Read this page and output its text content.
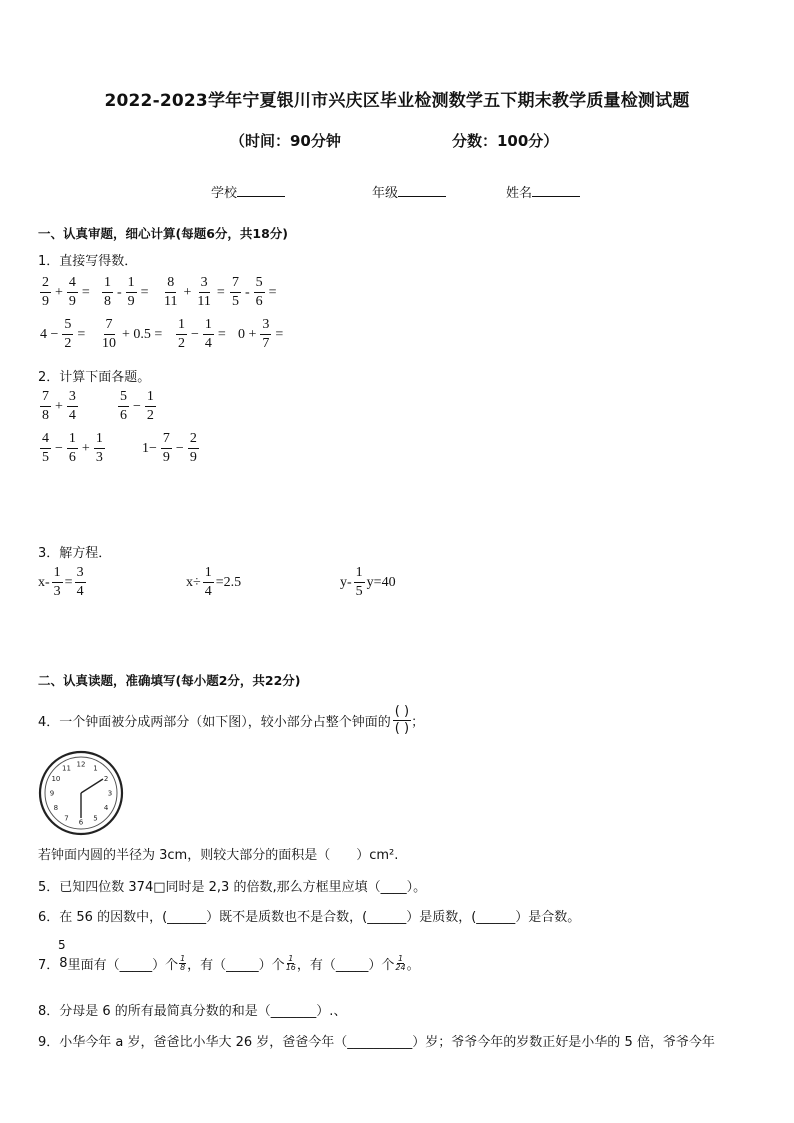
2022-2023学年宁夏银川市兴庆区毕业检测数学五下期末教学质量检测试题
（时间：90分钟	分数：100分）
学校	年级	姓名
一、认真审题，细心计算(每题6分，共18分)
1．直接写得数．
$\frac{2}{9} + \frac{4}{9} = \frac{1}{8} - \frac{1}{9} = \frac{8}{11} + \frac{3}{11} = \frac{7}{5} - \frac{5}{6}$ =
$4 - \frac{5}{2} = \frac{7}{10} + 0.5 = \frac{1}{2} - \frac{1}{4} = 0 + \frac{3}{7}$ =
2．计算下面各题。
$\frac{7}{8} + \frac{3}{4}$	$\frac{5}{6} - \frac{1}{2}$
$\frac{4}{5} - \frac{1}{6} + \frac{1}{3}$	$1- \frac{7}{9} - \frac{2}{9}$
3．解方程．
$x- \frac{1}{3} = \frac{3}{4}$	$x\div \frac{1}{4} =2.5$	$y- \frac{1}{5} y=40$
二、认真读题，准确填写(每小题2分，共22分)
4．一个钟面被分成两部分（如下图），较小部分占整个钟面的 $\frac{( )}{( )}$ ；
12 1
2
3
4
5
6
7
8
9
10
11
若钟面内圆的半径为 3cm，则较大部分的面积是（　　）cm².
5．已知四位数 374□同时是 2,3 的倍数,那么方框里应填（____）。
6．在 56 的因数中，(______）既不是质数也不是合数，(______）是质数，(______）是合数。
5
7． 8 里面有（_____）个 1
8 ，有（_____）个 1
16 ，有（_____）个 1
24 。
8．分母是 6 的所有最简真分数的和是（_______）.、
9．小华今年 a 岁，爸爸比小华大 26 岁，爸爸今年（__________）岁；爷爷今年的岁数正好是小华的 5 倍，爷爷今年
